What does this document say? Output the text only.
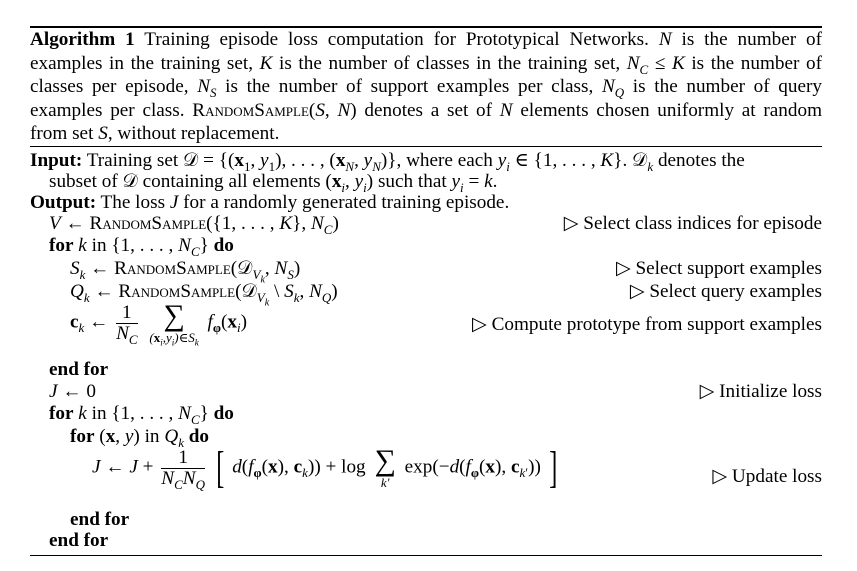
Algorithm 1 Training episode loss computation for Prototypical Networks. N is the number of examples in the training set, K is the number of classes in the training set, $N_C \le K$ is the number of classes per episode, $N_S$ is the number of support examples per class, $N_Q$ is the number of query examples per class. RandomSample(S, N) denotes a set of N elements chosen uniformly at random from set S, without replacement.
Input: Training set 𝒟 = {($x_1$, $y_1$), . . . , ($x_N$, $y_N$)}, where each $y_i$ ∈ {1, . . . , K}. 𝒟$_k$ denotes the
subset of 𝒟 containing all elements ($x_i$, $y_i$) such that $y_i = k$.
Output: The loss J for a randomly generated training episode.
V ← RandomSample({1, . . . , K}, $N_C$)	▷ Select class indices for episode
for k in {1, . . . , $N_C$} do
$S_k$ ← RandomSample(𝒟$_{V_k}$, $N_S$)	▷ Select support examples
$Q_k$ ← RandomSample(𝒟$_{V_k}$ \ $S_k$, $N_Q$)	▷ Select query examples
$c_k$ ← $\frac{1}{N_C}$
∑
$(x_i,y_i)\in S_k$
$f_\varphi(x_i)$	▷ Compute prototype from support examples
end for
J ← 0	▷ Initialize loss
for k in {1, . . . , $N_C$} do
for (x, y) in $Q_k$ do
J ← $J + \frac{1}{N_CN_Q}$ [ $d(f_\varphi(x)$, $c_k)) + \log$ ∑
k′
$\exp(-d(f_\varphi(x)$, $c_{k'}$)) ]	▷ Update loss
end for
end for
